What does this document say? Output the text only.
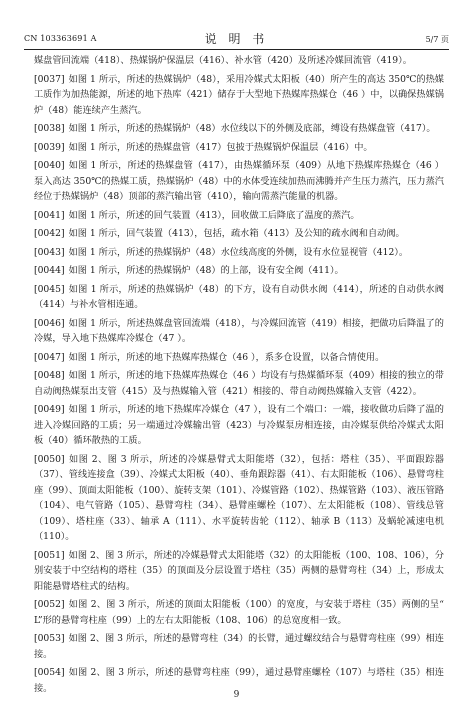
CN 103363691 A	说 明 书	5/7 页

媒盘管回流端（418）、热媒锅炉保温层（416）、补水管（420）及所述冷媒回流管（419）。

[0037] 如图 1 所示，所述的热媒锅炉（48），采用冷媒式太阳板（40）所产生的高达 350℃的热媒工质作为加热能源，所述的地下热库（421）储存于大型地下热媒库热媒仓（46 ）中，以确保热媒锅炉（48）能连续产生蒸汽。

[0038] 如图 1 所示，所述的热媒锅炉（48）水位线以下的外侧及底部，缚设有热媒盘管（417）。

[0039] 如图 1 所示，所述的热媒盘管（417）包披于热媒锅炉保温层（416）中。

[0040] 如图 1 所示，所述的热媒盘管（417），由热媒循环泵（409）从地下热媒库热媒仓（46 ）泵入高达 350℃的热媒工质，热媒锅炉（48）中的水体受连续加热而沸腾并产生压力蒸汽，压力蒸汽经位于热媒锅炉（48）顶部的蒸汽输出管（410），输向需蒸汽能量的机器。

[0041] 如图 1 所示，所述的回气装置（413），回收做工后降底了温度的蒸汽。

[0042] 如图 1 所示，回气装置（413），包括，疏水箱（413）及公知的疏水阀和自动阀。

[0043] 如图 1 所示，所述的热媒锅炉（48）水位线高度的外侧，设有水位显视管（412）。

[0044] 如图 1 所示，所述的热媒锅炉（48）的上部，设有安全阀（411）。

[0045] 如图 1 所示，所述的热媒锅炉（48）的下方，设有自动供水阀（414），所述的自动供水阀（414）与补水管相连通。

[0046] 如图 1 所示，所述热媒盘管回流端（418），与冷媒回流管（419）相接，把做功后降温了的冷媒，导入地下热媒库冷媒仓（47 ）。

[0047] 如图 1 所示，所述的地下热媒库热媒仓（46 ），系多仓设置，以备合情使用。

[0048] 如图 1 所示，所述的地下热媒库热媒仓（46 ）均设有与热媒循环泵（409）相接的独立的带自动阀热媒泵出支管（415）及与热媒输入管（421）相接的、带自动阀热媒输入支管（422）。

[0049] 如图 1 所示，所述的地下热媒库冷媒仓（47 ），设有二个端口：一端，接收做功后降了温的进入冷媒回路的工质；另一端通过冷媒输出管（423）与冷媒泵房相连接，由冷媒泵供给冷媒式太阳板（40）循环散热的工质。

[0050] 如图 2、图 3 所示，所述的冷媒悬臂式太阳能塔（32），包括：塔柱（35）、平面跟踪器（37）、管线连接盒（39）、冷媒式太阳板（40）、垂角跟踪器（41）、右太阳能板（106）、悬臂弯柱座（99）、顶面太阳能板（100）、旋转支架（101）、冷媒管路（102）、热媒管路（103）、液压管路（104）、电气管路（105）、悬臂弯柱（34）、悬臂座螺栓（107）、左太阳能板（108）、管线总管（109）、塔柱座（33）、轴承 A（111）、水平旋转齿轮（112）、轴承 B（113）及蜗轮减速电机（110）。

[0051] 如图 2、图 3 所示，所述的冷媒悬臂式太阳能塔（32）的太阳能板（100、108、106），分别安装于中空结构的塔柱（35）的顶面及分层设置于塔柱（35）两侧的悬臂弯柱（34）上，形成太阳能悬臂塔柱式的结构。

[0052] 如图 2、图 3 所示，所述的顶面太阳能板（100）的宽度，与安装于塔柱（35）两侧的呈“ L”形的悬臂弯柱座（99）上的左右太阳能板（108、106）的总宽度相一致。

[0053] 如图 2、图 3 所示，所述的悬臂弯柱（34）的长臂，通过螺纹结合与悬臂弯柱座（99）相连接。

[0054] 如图 2、图 3 所示，所述的悬臂弯柱座（99），通过悬臂座螺栓（107）与塔柱（35）相连接。

9
